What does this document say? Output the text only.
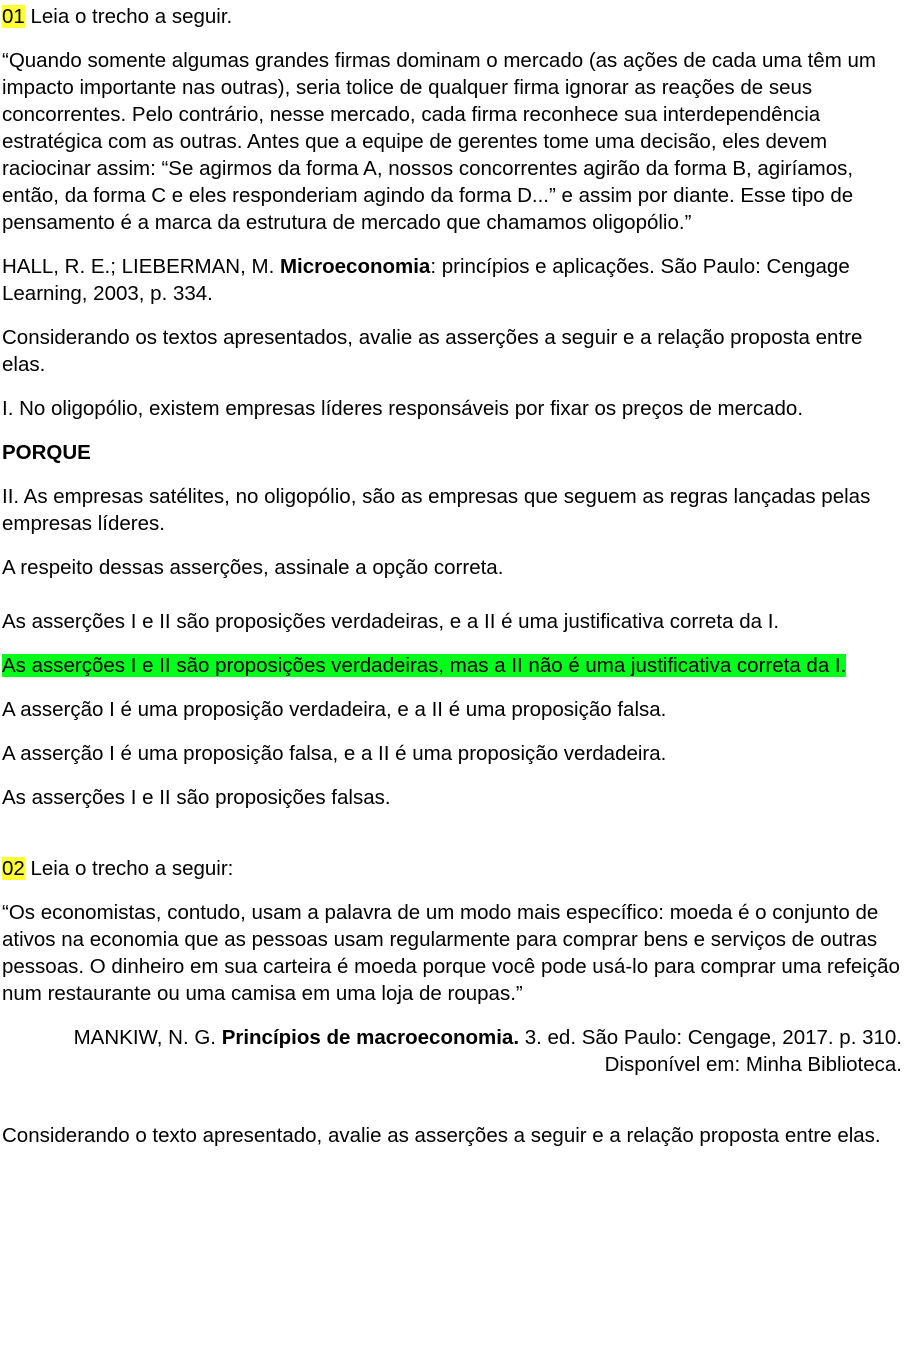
01 Leia o trecho a seguir.

“Quando somente algumas grandes firmas dominam o mercado (as ações de cada uma têm um impacto importante nas outras), seria tolice de qualquer firma ignorar as reações de seus concorrentes. Pelo contrário, nesse mercado, cada firma reconhece sua interdependência estratégica com as outras. Antes que a equipe de gerentes tome uma decisão, eles devem raciocinar assim: “Se agirmos da forma A, nossos concorrentes agirão da forma B, agiríamos, então, da forma C e eles responderiam agindo da forma D...” e assim por diante. Esse tipo de pensamento é a marca da estrutura de mercado que chamamos oligopólio.”

HALL, R. E.; LIEBERMAN, M. Microeconomia: princípios e aplicações. São Paulo: Cengage Learning, 2003, p. 334.

Considerando os textos apresentados, avalie as asserções a seguir e a relação proposta entre elas.

I. No oligopólio, existem empresas líderes responsáveis por fixar os preços de mercado.

PORQUE

II. As empresas satélites, no oligopólio, são as empresas que seguem as regras lançadas pelas empresas líderes.

A respeito dessas asserções, assinale a opção correta.

As asserções I e II são proposições verdadeiras, e a II é uma justificativa correta da I.

As asserções I e II são proposições verdadeiras, mas a II não é uma justificativa correta da I.

A asserção I é uma proposição verdadeira, e a II é uma proposição falsa.

A asserção I é uma proposição falsa, e a II é uma proposição verdadeira.

As asserções I e II são proposições falsas.

02 Leia o trecho a seguir:

“Os economistas, contudo, usam a palavra de um modo mais específico: moeda é o conjunto de ativos na economia que as pessoas usam regularmente para comprar bens e serviços de outras pessoas. O dinheiro em sua carteira é moeda porque você pode usá-lo para comprar uma refeição num restaurante ou uma camisa em uma loja de roupas.”

MANKIW, N. G. Princípios de macroeconomia. 3. ed. São Paulo: Cengage, 2017. p. 310. Disponível em: Minha Biblioteca.

Considerando o texto apresentado, avalie as asserções a seguir e a relação proposta entre elas.
